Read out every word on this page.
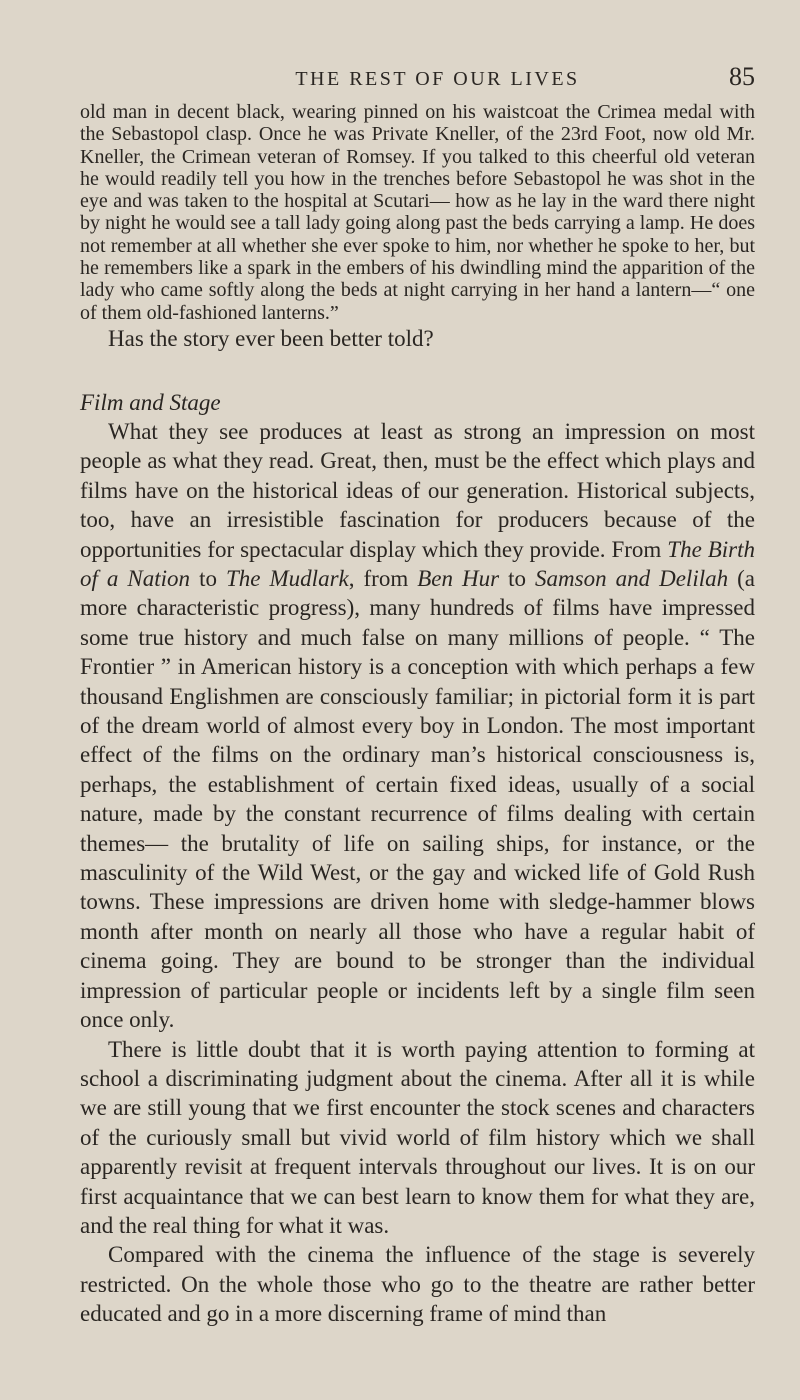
THE REST OF OUR LIVES	85

old man in decent black, wearing pinned on his waistcoat the Crimea medal with the Sebastopol clasp. Once he was Private Kneller, of the 23rd Foot, now old Mr. Kneller, the Crimean veteran of Romsey. If you talked to this cheerful old veteran he would readily tell you how in the trenches before Sebastopol he was shot in the eye and was taken to the hospital at Scutari— how as he lay in the ward there night by night he would see a tall lady going along past the beds carrying a lamp. He does not remember at all whether she ever spoke to him, nor whether he spoke to her, but he remembers like a spark in the embers of his dwindling mind the apparition of the lady who came softly along the beds at night carrying in her hand a lantern—“ one of them old-fashioned lanterns.”

Has the story ever been better told?

Film and Stage

What they see produces at least as strong an impression on most people as what they read. Great, then, must be the effect which plays and films have on the historical ideas of our generation. Historical subjects, too, have an irresistible fascination for producers because of the opportunities for spectacular display which they provide. From The Birth of a Nation to The Mudlark, from Ben Hur to Samson and Delilah (a more characteristic progress), many hundreds of films have impressed some true history and much false on many millions of people. “ The Frontier ” in American history is a conception with which perhaps a few thousand Englishmen are consciously familiar; in pictorial form it is part of the dream world of almost every boy in London. The most important effect of the films on the ordinary man’s historical consciousness is, perhaps, the establishment of certain fixed ideas, usually of a social nature, made by the constant recurrence of films dealing with certain themes— the brutality of life on sailing ships, for instance, or the masculinity of the Wild West, or the gay and wicked life of Gold Rush towns. These impressions are driven home with sledge-hammer blows month after month on nearly all those who have a regular habit of cinema going. They are bound to be stronger than the individual impression of particular people or incidents left by a single film seen once only.

There is little doubt that it is worth paying attention to forming at school a discriminating judgment about the cinema. After all it is while we are still young that we first encounter the stock scenes and characters of the curiously small but vivid world of film history which we shall apparently revisit at frequent intervals throughout our lives. It is on our first acquaintance that we can best learn to know them for what they are, and the real thing for what it was.

Compared with the cinema the influence of the stage is severely restricted. On the whole those who go to the theatre are rather better educated and go in a more discerning frame of mind than
